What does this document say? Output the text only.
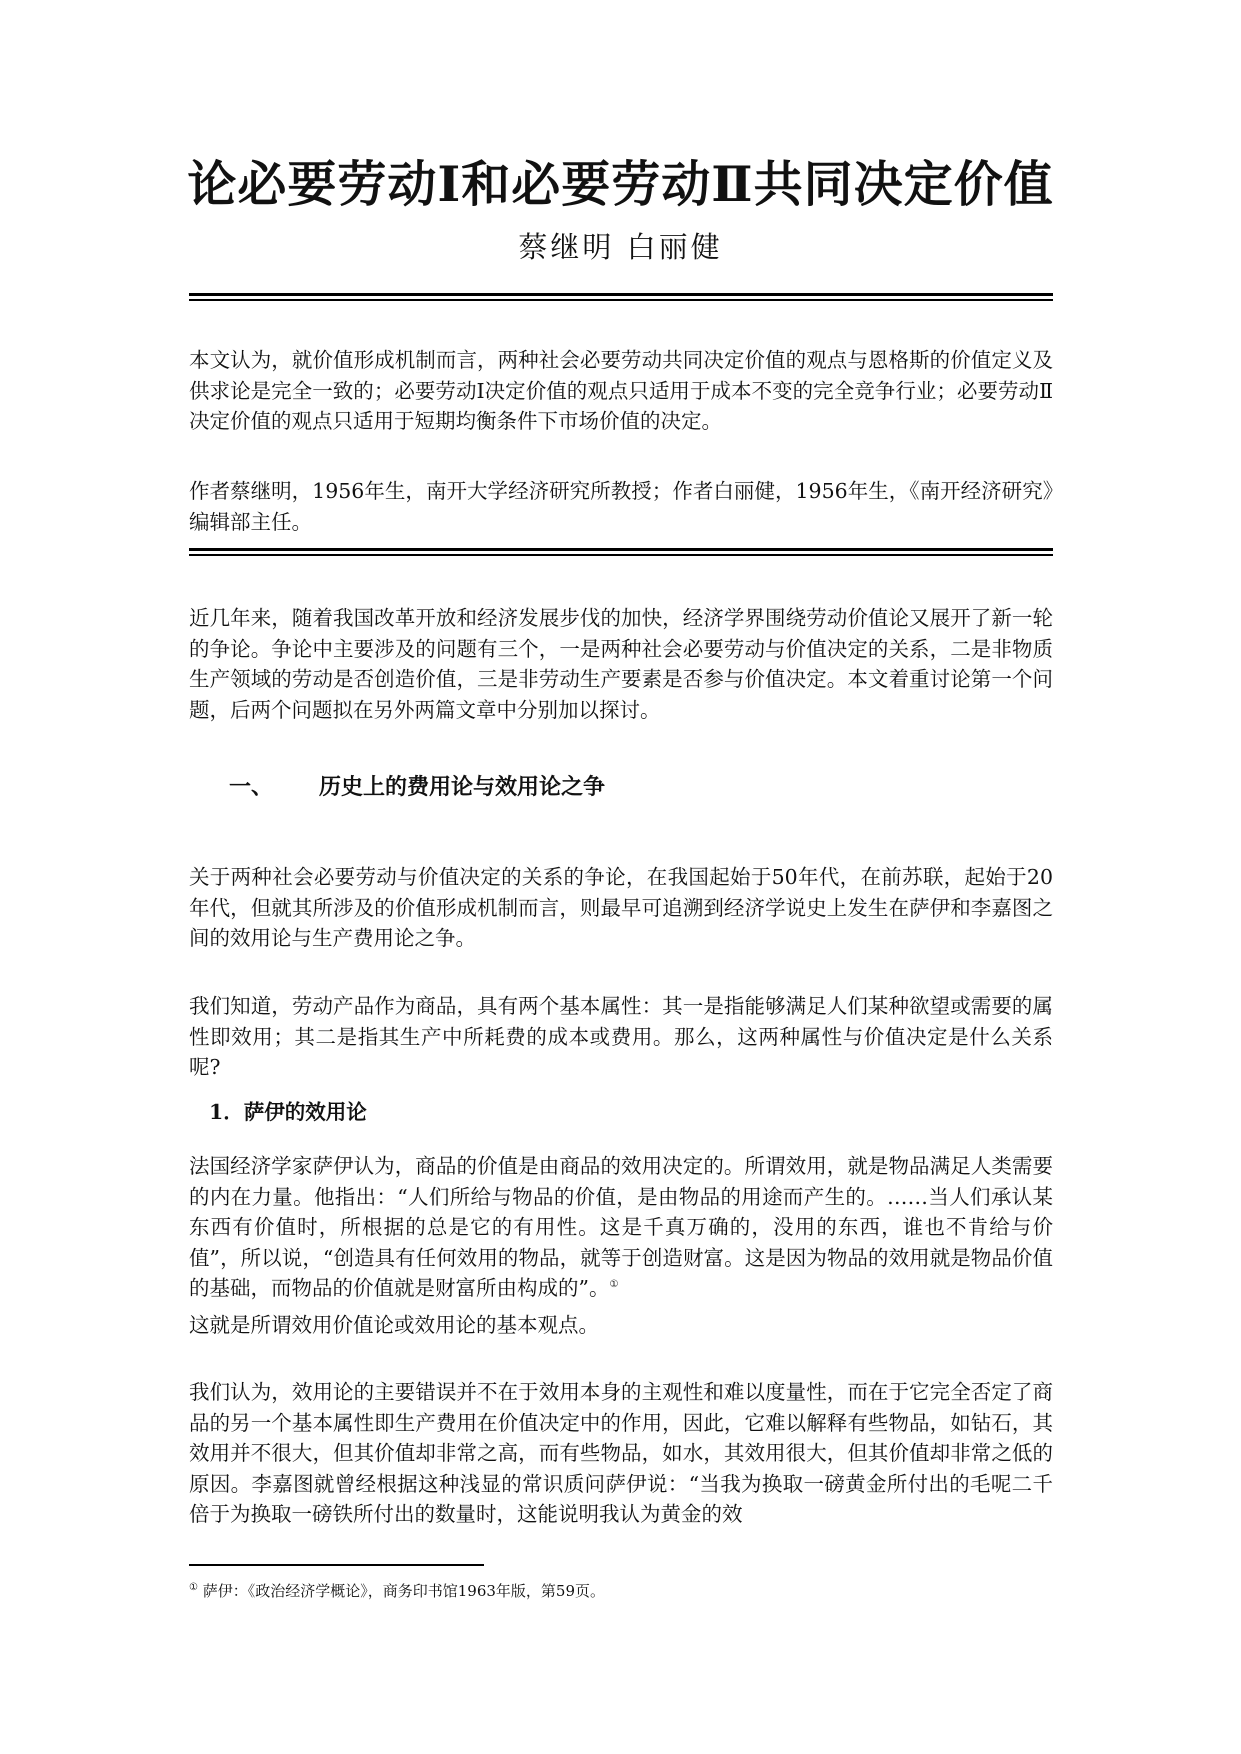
论必要劳动Ⅰ和必要劳动Ⅱ共同决定价值
蔡继明 白丽健

本文认为，就价值形成机制而言，两种社会必要劳动共同决定价值的观点与恩格斯的价值定义及供求论是完全一致的；必要劳动Ⅰ决定价值的观点只适用于成本不变的完全竞争行业；必要劳动Ⅱ决定价值的观点只适用于短期均衡条件下市场价值的决定。

作者蔡继明，1956年生，南开大学经济研究所教授；作者白丽健，1956年生，《南开经济研究》编辑部主任。

近几年来，随着我国改革开放和经济发展步伐的加快，经济学界围绕劳动价值论又展开了新一轮的争论。争论中主要涉及的问题有三个，一是两种社会必要劳动与价值决定的关系，二是非物质生产领域的劳动是否创造价值，三是非劳动生产要素是否参与价值决定。本文着重讨论第一个问题，后两个问题拟在另外两篇文章中分别加以探讨。

一、 历史上的费用论与效用论之争

关于两种社会必要劳动与价值决定的关系的争论，在我国起始于50年代，在前苏联，起始于20年代，但就其所涉及的价值形成机制而言，则最早可追溯到经济学说史上发生在萨伊和李嘉图之间的效用论与生产费用论之争。

我们知道，劳动产品作为商品，具有两个基本属性：其一是指能够满足人们某种欲望或需要的属性即效用；其二是指其生产中所耗费的成本或费用。那么，这两种属性与价值决定是什么关系呢?

1．萨伊的效用论

法国经济学家萨伊认为，商品的价值是由商品的效用决定的。所谓效用，就是物品满足人类需要的内在力量。他指出：“人们所给与物品的价值，是由物品的用途而产生的。……当人们承认某东西有价值时，所根据的总是它的有用性。这是千真万确的，没用的东西，谁也不肯给与价值”，所以说，“创造具有任何效用的物品，就等于创造财富。这是因为物品的效用就是物品价值的基础，而物品的价值就是财富所由构成的”。①

这就是所谓效用价值论或效用论的基本观点。

我们认为，效用论的主要错误并不在于效用本身的主观性和难以度量性，而在于它完全否定了商品的另一个基本属性即生产费用在价值决定中的作用，因此，它难以解释有些物品，如钻石，其效用并不很大，但其价值却非常之高，而有些物品，如水，其效用很大，但其价值却非常之低的原因。李嘉图就曾经根据这种浅显的常识质问萨伊说：“当我为换取一磅黄金所付出的毛呢二千倍于为换取一磅铁所付出的数量时，这能说明我认为黄金的效

① 萨伊：《政治经济学概论》，商务印书馆1963年版，第59页。
